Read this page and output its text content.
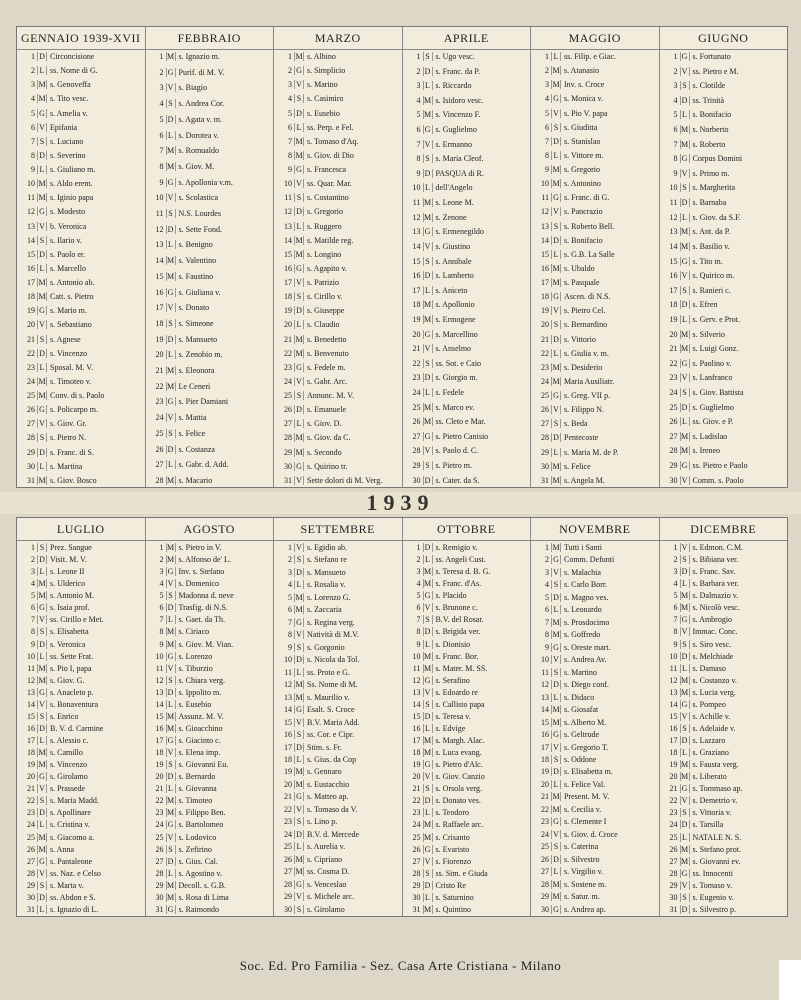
GENNAIO 1939-XVII
1 D Circoncisione
2 L ss. Nome di G.
3 M s. Genoveffa
4 M s. Tito vesc.
5 G s. Amelia v.
6 V Epifania
7 S s. Luciano
8 D s. Severino
9 L s. Giuliano m.
10 M s. Aldo erem.
11 M s. Iginio papa
12 G s. Modesto
13 V b. Veronica
14 S s. Ilario v.
15 D s. Paolo er.
16 L s. Marcello
17 M s. Antonio ab.
18 M Catt. s. Pietro
19 G s. Mario m.
20 V s. Sebastiano
21 S s. Agnese
22 D s. Vincenzo
23 L Sposal. M. V.
24 M s. Timoteo v.
25 M Conv. di s. Paolo
26 G s. Policarpo m.
27 V s. Giov. Gr.
28 S s. Pietro N.
29 D s. Franc. di S.
30 L s. Martina
31 M s. Giov. Bosco
FEBBRAIO
1 M s. Ignazio m.
2 G Purif. di M. V.
3 V s. Biagio
4 S s. Andrea Cor.
5 D s. Agata v. m.
6 L s. Dorotea v.
7 M s. Romualdo
8 M s. Giov. M.
9 G s. Apollonia v.m.
10 V s. Scolastica
11 S N.S. Lourdes
12 D s. Sette Fond.
13 L s. Benigno
14 M s. Valentino
15 M s. Faustino
16 G s. Giuliana v.
17 V s. Donato
18 S s. Simeone
19 D s. Mansueto
20 L s. Zenobio m.
21 M s. Eleonora
22 M Le Ceneri
23 G s. Pier Damiani
24 V s. Mattia
25 S s. Felice
26 D s. Costanza
27 L s. Gabr. d. Add.
28 M s. Macario
MARZO
1 M s. Albino
2 G s. Simplicio
3 V s. Marino
4 S s. Casimiro
5 D s. Eusebio
6 L ss. Perp. e Fel.
7 M s. Tomaso d'Aq.
8 M s. Giov. di Dio
9 G s. Francesca
10 V ss. Quar. Mar.
11 S s. Costantino
12 D s. Gregorio
13 L s. Ruggero
14 M s. Matilde reg.
15 M s. Longino
16 G s. Agapito v.
17 V s. Patrizio
18 S s. Cirillo v.
19 D s. Giuseppe
20 L s. Claudio
21 M s. Benedetto
22 M s. Benvenuto
23 G s. Fedele m.
24 V s. Gabr. Arc.
25 S Annunc. M. V.
26 D s. Emanuele
27 L s. Giov. D.
28 M s. Giov. da C.
29 M s. Secondo
30 G s. Quirino tr.
31 V Sette dolori di M. Verg.
APRILE
1 S s. Ugo vesc.
2 D s. Franc. da P.
3 L s. Riccardo
4 M s. Isidoro vesc.
5 M s. Vincenzo F.
6 G s. Guglielmo
7 V s. Ermanno
8 S s. Maria Cleof.
9 D PASQUA di R.
10 L dell'Angelo
11 M s. Leone M.
12 M s. Zenone
13 G s. Ermenegildo
14 V s. Giustino
15 S s. Annibale
16 D s. Lamberto
17 L s. Aniceto
18 M s. Apollonio
19 M s. Ermogene
20 G s. Marcellino
21 V s. Anselmo
22 S ss. Sot. e Caio
23 D s. Giorgio m.
24 L s. Fedele
25 M s. Marco ev.
26 M ss. Cleto e Mar.
27 G s. Pietro Canisio
28 V s. Paolo d. C.
29 S s. Pietro m.
30 D s. Cater. da S.
MAGGIO
1 L ss. Filip. e Giac.
2 M s. Atanasio
3 M Inv. s. Croce
4 G s. Monica v.
5 V s. Pio V. papa
6 S s. Giuditta
7 D s. Stanislao
8 L s. Vittore m.
9 M s. Gregorio
10 M s. Antonino
11 G s. Franc. di G.
12 V s. Pancrazio
13 S s. Roberto Bell.
14 D s. Bonifacio
15 L s. G.B. La Salle
16 M s. Ubaldo
17 M s. Pasquale
18 G Ascen. di N.S.
19 V s. Pietro Cel.
20 S s. Bernardino
21 D s. Vittorio
22 L s. Giulia v. m.
23 M s. Desiderio
24 M Maria Ausiliatr.
25 G s. Greg. VII p.
26 V s. Filippo N.
27 S s. Beda
28 D Pentecoste
29 L s. Maria M. de P.
30 M s. Felice
31 M s. Angela M.
GIUGNO
1 G s. Fortunato
2 V ss. Pietro e M.
3 S s. Clotilde
4 D ss. Trinità
5 L s. Bonifacio
6 M s. Norberto
7 M s. Roberto
8 G Corpus Domini
9 V s. Primo m.
10 S s. Margherita
11 D s. Barnaba
12 L s. Giov. da S.F.
13 M s. Ant. da P.
14 M s. Basilio v.
15 G s. Tito m.
16 V s. Quirico m.
17 S s. Ranieri c.
18 D s. Efren
19 L s. Gerv. e Prot.
20 M s. Silverio
21 M s. Luigi Gonz.
22 G s. Paolino v.
23 V s. Lanfranco
24 S s. Giov. Battista
25 D s. Guglielmo
26 L ss. Giov. e P.
27 M s. Ladislao
28 M s. Ireneo
29 G ss. Pietro e Paolo
30 V Comm. s. Paolo
1939
LUGLIO
1 S Prez. Sangue
2 D Visit. M. V.
3 L s. Leone II
4 M s. Ulderico
5 M s. Antonio M.
6 G s. Isaia prof.
7 V ss. Cirillo e Met.
8 S s. Elisabetta
9 D s. Veronica
10 L ss. Sette Frat.
11 M s. Pio I, papa
12 M s. Giov. G.
13 G s. Anacleto p.
14 V s. Bonaventura
15 S s. Enrico
16 D B. V. d. Carmine
17 L s. Alessio c.
18 M s. Camillo
19 M s. Vincenzo
20 G s. Girolamo
21 V s. Prassede
22 S s. Maria Madd.
23 D s. Apollinare
24 L s. Cristina v.
25 M s. Giacomo a.
26 M s. Anna
27 G s. Pantaleone
28 V ss. Naz. e Celso
29 S s. Marta v.
30 D ss. Abdon e S.
31 L s. Ignazio di L.
AGOSTO
1 M s. Pietro in V.
2 M s. Alfonso de' L.
3 G Inv. s. Stefano
4 V s. Domenico
5 S Madonna d. neve
6 D Trasfig. di N.S.
7 L s. Gaet. da Th.
8 M s. Ciriaco
9 M s. Giov. M. Vian.
10 G s. Lorenzo
11 V s. Tiburzio
12 S s. Chiara verg.
13 D s. Ippolito m.
14 L s. Eusebio
15 M Assunz. M. V.
16 M s. Gioacchino
17 G s. Giacinto c.
18 V s. Elena imp.
19 S s. Giovanni Eu.
20 D s. Bernardo
21 L s. Giovanna
22 M s. Timoteo
23 M s. Filippo Ben.
24 G s. Bartolomeo
25 V s. Lodovico
26 S s. Zefirino
27 D s. Gius. Cal.
28 L s. Agostino v.
29 M Decoll. s. G.B.
30 M s. Rosa di Lima
31 G s. Raimondo
SETTEMBRE
1 V s. Egidio ab.
2 S s. Stefano re
3 D s. Mansueto
4 L s. Rosalia v.
5 M s. Lorenzo G.
6 M s. Zaccaria
7 G s. Regina verg.
8 V Natività di M.V.
9 S s. Gorgonio
10 D s. Nicola da Tol.
11 L ss. Proto e G.
12 M Ss. Nome di M.
13 M s. Maurilio v.
14 G Esalt. S. Croce
15 V B.V. Maria Add.
16 S ss. Cor. e Cipr.
17 D Stim. s. Fr.
18 L s. Gius. da Cop
19 M s. Gennaro
20 M s. Eustacchio
21 G s. Matteo ap.
22 V s. Tomaso da V.
23 S s. Lino p.
24 D B.V. d. Mercede
25 L s. Aurelia v.
26 M s. Cipriano
27 M ss. Cosma D.
28 G s. Venceslao
29 V s. Michele arc.
30 S s. Girolamo
OTTOBRE
1 D s. Remigio v.
2 L ss. Angeli Cust.
3 M s. Teresa d. B. G.
4 M s. Franc. d'As.
5 G s. Placido
6 V s. Brunone c.
7 S B.V. del Rosar.
8 D s. Brigida ver.
9 L s. Dionisio
10 M s. Franc. Bor.
11 M s. Mater. M. SS.
12 G s. Serafino
13 V s. Edoardo re
14 S s. Callisto papa
15 D s. Teresa v.
16 L s. Edvige
17 M s. Margh. Alac.
18 M s. Luca evang.
19 G s. Pietro d'Alc.
20 V s. Giov. Canzio
21 S s. Orsola verg.
22 D s. Donato ves.
23 L s. Teodoro
24 M s. Raffaele arc.
25 M s. Crisanto
26 G s. Evaristo
27 V s. Fiorenzo
28 S ss. Sim. e Giuda
29 D Cristo Re
30 L s. Saturnino
31 M s. Quintino
NOVEMBRE
1 M Tutti i Santi
2 G Comm. Defunti
3 V s. Malachia
4 S s. Carlo Borr.
5 D s. Magno ves.
6 L s. Leonardo
7 M s. Prosdocimo
8 M s. Goffredo
9 G s. Oreste mart.
10 V s. Andrea Av.
11 S s. Martino
12 D s. Diego conf.
13 L s. Didaco
14 M s. Giosafat
15 M s. Alberto M.
16 G s. Geltrude
17 V s. Gregorio T.
18 S s. Oddone
19 D s. Elisabetta m.
20 L s. Felice Val.
21 M Present. M. V.
22 M s. Cecilia v.
23 G s. Clemente I
24 V s. Giov. d. Croce
25 S s. Caterina
26 D s. Silvestro
27 L s. Virgilio v.
28 M s. Sostene m.
29 M s. Satur. m.
30 G s. Andrea ap.
DICEMBRE
1 V s. Edmon. C.M.
2 S s. Bibiana ver.
3 D s. Franc. Sav.
4 L s. Barbara ver.
5 M s. Dalmazio v.
6 M s. Nicolò vesc.
7 G s. Ambrogio
8 V Immac. Conc.
9 S s. Siro vesc.
10 D s. Melchiade
11 L s. Damaso
12 M s. Costanzo v.
13 M s. Lucia verg.
14 G s. Pompeo
15 V s. Achille v.
16 S s. Adelaide v.
17 D s. Lazzaro
18 L s. Graziano
19 M s. Fausta verg.
20 M s. Liberato
21 G s. Tommaso ap.
22 V s. Demetrio v.
23 S s. Vittoria v.
24 D s. Tarsilla
25 L NATALE N. S.
26 M s. Stefano prot.
27 M s. Giovanni ev.
28 G ss. Innocenti
29 V s. Tomaso v.
30 S s. Eugenio v.
31 D s. Silvestro p.
Soc. Ed. Pro Familia - Sez. Casa Arte Cristiana - Milano
